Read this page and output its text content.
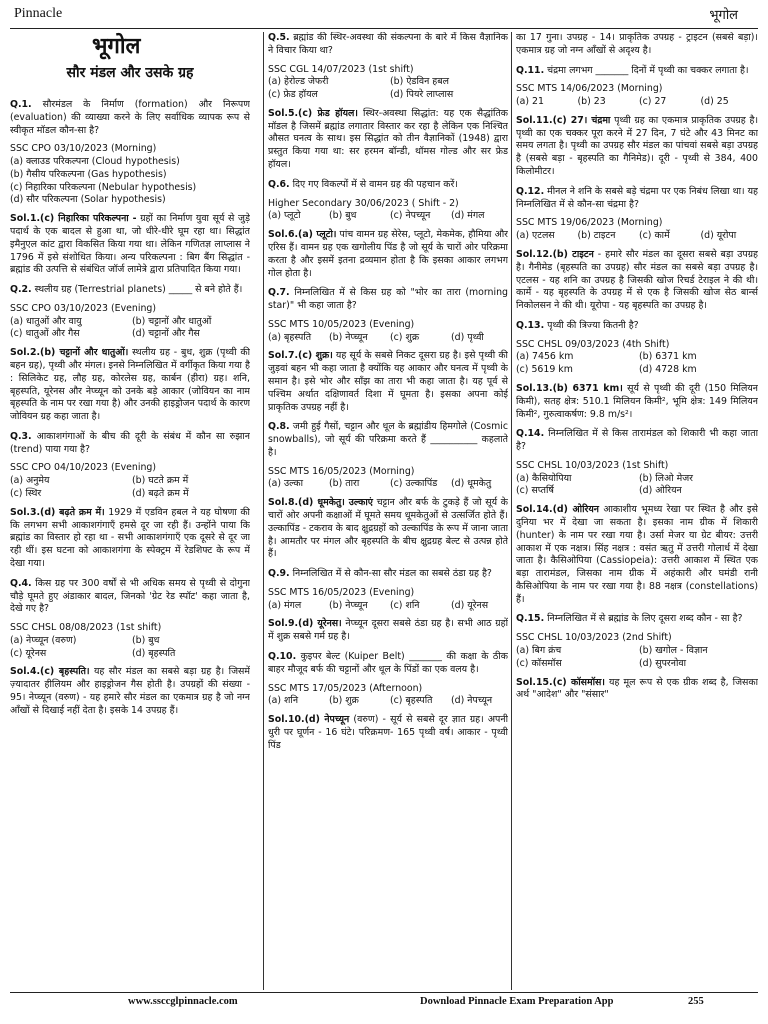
Pinnacle	भूगोल
भूगोल
सौर मंडल और उसके ग्रह

Q.1. सौरमंडल के निर्माण (formation) और निरूपण (evaluation) की व्याख्या करने के लिए सर्वाधिक व्यापक रूप से स्वीकृत मॉडल कौन-सा है?

SSC CPO 03/10/2023 (Morning)

(a) क्लाउड परिकल्पना (Cloud hypothesis)
(b) गैसीय परिकल्पना (Gas hypothesis)
(c) निहारिका परिकल्पना (Nebular hypothesis)
(d) सौर परिकल्पना (Solar hypothesis)

Sol.1.(c) निहारिका परिकल्पना - ग्रहों का निर्माण युवा सूर्य से जुड़े पदार्थ के एक बादल से हुआ था, जो धीरे-धीरे घूम रहा था। सिद्धांत इमैनुएल कांट द्वारा विकसित किया गया था। लेकिन गणितज्ञ लाप्लास ने 1796 में इसे संशोधित किया। अन्य परिकल्पना : बिग बैंग सिद्धांत - ब्रह्मांड की उत्पत्ति से संबंधित जॉर्ज लामेत्रे द्वारा प्रतिपादित किया गया।

Q.2. स्थलीय ग्रह (Terrestrial planets) _____ से बने होते हैं।

SSC CPO 03/10/2023 (Evening)

(a) धातुओं और वायु	(b) चट्टानों और धातुओं
(c) धातुओं और गैस	(d) चट्टानों और गैस

Sol.2.(b) चट्टानों और धातुओं। स्थलीय ग्रह - बुध, शुक्र (पृथ्वी की बहन ग्रह), पृथ्वी और मंगल। इनसे निम्नलिखित में वर्गीकृत किया गया है : सिलिकेट ग्रह, लौह ग्रह, कोरलेस ग्रह, कार्बन (हीरा) ग्रह। शनि, बृहस्पति, यूरेनस और नेप्च्यून को उनके बड़े आकार (जोवियन का नाम बृहस्पति के नाम पर रखा गया है) और उनकी हाइड्रोजन पदार्थ के कारण जोवियन ग्रह कहा जाता है।

Q.3. आकाशगंगाओं के बीच की दूरी के संबंध में कौन सा रुझान (trend) पाया गया है?

SSC CPO 04/10/2023 (Evening)

(a) अनुमेय	(b) घटते क्रम में
(c) स्थिर	(d) बढ़ते क्रम में

Sol.3.(d) बढ़ते क्रम में। 1929 में एडविन हबल ने यह घोषणा की कि लगभग सभी आकाशगंगाएँ हमसे दूर जा रही हैं। उन्होंने पाया कि ब्रह्मांड का विस्तार हो रहा था - सभी आकाशगंगाएँ एक दूसरे से दूर जा रही थीं। इस घटना को आकाशगंगा के स्पेक्ट्रम में रेडशिफ्ट के रूप में देखा गया।

Q.4. किस ग्रह पर 300 वर्षों से भी अधिक समय से पृथ्वी से दोगुना चौड़े घूमते हुए अंडाकार बादल, जिनको 'ग्रेट रेड स्पॉट' कहा जाता है, देखे गए है?

SSC CHSL 08/08/2023 (1st shift)

(a) नेप्च्यून (वरुण)	(b) बुध
(c) यूरेनस	(d) बृहस्पति

Sol.4.(c) बृहस्पति। यह सौर मंडल का सबसे बड़ा ग्रह है। जिसमें ज़्यादातर हीलियम और हाइड्रोजन गैस होती है। उपग्रहों की संख्या - 95। नेप्च्यून (वरुण) - यह हमारे सौर मंडल का एकमात्र ग्रह है जो नग्न आँखों से दिखाई नहीं देता है। इसके 14 उपग्रह हैं।

Q.5. ब्रह्मांड की स्थिर-अवस्था की संकल्पना के बारे में किस वैज्ञानिक ने विचार किया था?

SSC CGL 14/07/2023 (1st shift)

(a) हेरोल्ड जेफरी	(b) ऐडविन हबल
(c) फ्रेड हॉयल	(d) पियरे लाप्लास

Sol.5.(c) फ्रेड हॉयल। स्थिर-अवस्था सिद्धांत: यह एक सैद्धांतिक मॉडल है जिसमें ब्रह्मांड लगातार विस्तार कर रहा है लेकिन एक निश्चित औसत घनत्व के साथ। इस सिद्धांत को तीन वैज्ञानिकों (1948) द्वारा प्रस्तुत किया गया था: सर हरमन बॉन्डी, थॉमस गोल्ड और सर फ्रेड हॉयल।

Q.6. दिए गए विकल्पों में से वामन ग्रह की पहचान करें।

Higher Secondary 30/06/2023 ( Shift - 2)

(a) प्लूटो	(b) बुध	(c) नेपच्यून	(d) मंगल

Sol.6.(a) प्लूटो। पांच वामन ग्रह सेरेस, प्लूटो, मेकमेक, हौमिया और एरिस हैं। वामन ग्रह एक खगोलीय पिंड है जो सूर्य के चारों ओर परिक्रमा करता है और इसमें इतना द्रव्यमान होता है कि इसका आकार लगभग गोल होता है।

Q.7. निम्नलिखित में से किस ग्रह को "भोर का तारा (morning star)" भी कहा जाता है?

SSC MTS 10/05/2023 (Evening)

(a) बृहस्पति	(b) नेप्च्यून	(c) शुक्र	(d) पृथ्वी

Sol.7.(c) शुक्र। यह सूर्य के सबसे निकट दूसरा ग्रह है। इसे पृथ्वी की जुड़वां बहन भी कहा जाता है क्योंकि यह आकार और घनत्व में पृथ्वी के समान है। इसे भोर और साँझ का तारा भी कहा जाता है। यह पूर्व से पश्चिम अर्थात दक्षिणावर्त दिशा में घूमता है। इसका अपना कोई प्राकृतिक उपग्रह नहीं है।

Q.8. जमी हुई गैसों, चट्टान और धूल के ब्रह्मांडीय हिमगोले (Cosmic snowballs), जो सूर्य की परिक्रमा करते हैं __________ कहलाते है।

SSC MTS 16/05/2023 (Morning)

(a) उल्का	(b) तारा	(c) उल्कापिंड	(d) धूमकेतु

Sol.8.(d) धूमकेतु। उल्काएं चट्टान और बर्फ के टुकड़े हैं जो सूर्य के चारों ओर अपनी कक्षाओं में घूमते समय धूमकेतुओं से उत्सर्जित होते हैं। उल्कापिंड - टकराव के बाद क्षुद्रग्रहों को उल्कापिंड के रूप में जाना जाता है। आमतौर पर मंगल और बृहस्पति के बीच क्षुद्रग्रह बेल्ट से उत्पन्न होते हैं।

Q.9. निम्नलिखित में से कौन-सा सौर मंडल का सबसे ठंडा ग्रह है?

SSC MTS 16/05/2023 (Evening)

(a) मंगल	(b) नेप्च्यून	(c) शनि	(d) यूरेनस

Sol.9.(d) यूरेनस। नेप्च्यून दूसरा सबसे ठंडा ग्रह है। सभी आठ ग्रहों में शुक्र सबसे गर्म ग्रह है।

Q.10. कुइपर बेल्ट (Kuiper Belt) _______ की कक्षा के ठीक बाहर मौजूद बर्फ की चट्टानों और धूल के पिंडों का एक वलय है।

SSC MTS 17/05/2023 (Afternoon)

(a) शनि	(b) शुक्र	(c) बृहस्पति	(d) नेपच्यून

Sol.10.(d) नेपच्यून (वरुण) - सूर्य से सबसे दूर ज्ञात ग्रह। अपनी धुरी पर घूर्णन - 16 घंटे। परिक्रमण- 165 पृथ्वी वर्ष। आकार - पृथ्वी पिंड

का 17 गुना। उपग्रह - 14। प्राकृतिक उपग्रह - ट्राइटन (सबसे बड़ा)। एकमात्र ग्रह जो नग्न आँखों से अदृश्य है।

Q.11. चंद्रमा लगभग _______ दिनों में पृथ्वी का चक्कर लगाता है।

SSC MTS 14/06/2023 (Morning)

(a) 21	(b) 23	(c) 27	(d) 25

Sol.11.(c) 27। चंद्रमा पृथ्वी ग्रह का एकमात्र प्राकृतिक उपग्रह है। पृथ्वी का एक चक्कर पूरा करने में 27 दिन, 7 घंटे और 43 मिनट का समय लगता है। पृथ्वी का उपग्रह सौर मंडल का पांचवां सबसे बड़ा उपग्रह है (सबसे बड़ा - बृहस्पति का गैनिमेड)। दूरी - पृथ्वी से 384, 400 किलोमीटर।

Q.12. मीनल ने शनि के सबसे बड़े चंद्रमा पर एक निबंध लिखा था। यह निम्नलिखित में से कौन-सा चंद्रमा है?

SSC MTS 19/06/2023 (Morning)

(a) एटलस	(b) टाइटन	(c) कार्मे	(d) यूरोपा

Sol.12.(b) टाइटन - हमारे सौर मंडल का दूसरा सबसे बड़ा उपग्रह है। गैनीमेड (बृहस्पति का उपग्रह) सौर मंडल का सबसे बड़ा उपग्रह है। एटलस - यह शनि का उपग्रह है जिसकी खोज रिचर्ड टेराइल ने की थी। कार्मे - यह बृहस्पति के उपग्रह में से एक है जिसकी खोज सेठ बार्न्स निकोलसन ने की थी। यूरोपा - यह बृहस्पति का उपग्रह है।

Q.13. पृथ्वी की त्रिज्या कितनी है?

SSC CHSL 09/03/2023 (4th Shift)

(a) 7456 km	(b) 6371 km
(c) 5619 km	(d) 4728 km

Sol.13.(b) 6371 km। सूर्य से पृथ्वी की दूरी (150 मिलियन किमी), सतह क्षेत्र: 510.1 मिलियन किमी², भूमि क्षेत्र: 149 मिलियन किमी², गुरुत्वाकर्षण: 9.8 m/s²।

Q.14. निम्नलिखित में से किस तारामंडल को शिकारी भी कहा जाता है?

SSC CHSL 10/03/2023 (1st Shift)

(a) कैसियोपिया	(b) लिओ मेजर
(c) सप्तर्षि	(d) ओरियन

Sol.14.(d) ओरियन आकाशीय भूमध्य रेखा पर स्थित है और इसे दुनिया भर में देखा जा सकता है। इसका नाम ग्रीक में शिकारी (hunter) के नाम पर रखा गया है। उर्सा मेजर या ग्रेट बीयर: उत्तरी आकाश में एक नक्षत्र। सिंह नक्षत्र : वसंत ऋतु में उत्तरी गोलार्ध में देखा जाता है। कैसिओपिया (Cassiopeia): उत्तरी आकाश में स्थित एक बड़ा तारामंडल, जिसका नाम ग्रीक में अहंकारी और घमंडी रानी कैसिओपिया के नाम पर रखा गया है। 88 नक्षत्र (constellations) हैं।

Q.15. निम्नलिखित में से ब्रह्मांड के लिए दूसरा शब्द कौन - सा है?

SSC CHSL 10/03/2023 (2nd Shift)

(a) बिग क्रंच	(b) खगोल - विज्ञान
(c) कॉसमॉस	(d) सुपरनोवा

Sol.15.(c) कॉसमॉस। यह मूल रूप से एक ग्रीक शब्द है, जिसका अर्थ "आदेश" और "संसार"

www.ssccglpinnacle.com	Download Pinnacle Exam Preparation App	255
